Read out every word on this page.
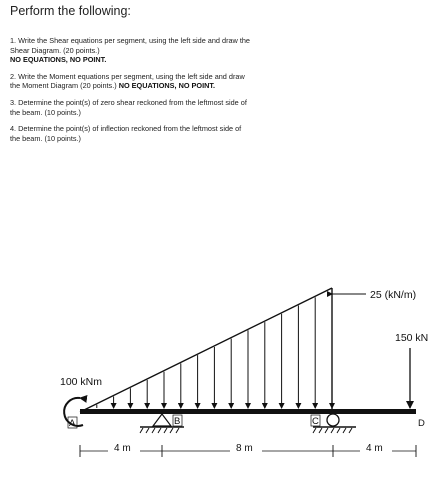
Perform the following:

1. Write the Shear equations per segment, using the left side and draw the Shear Diagram. (20 points.)
NO EQUATIONS, NO POINT.

2. Write the Moment equations per segment, using the left side and draw the Moment Diagram (20 points.) NO EQUATIONS, NO POINT.

3. Determine the point(s) of zero shear reckoned from the leftmost side of the beam. (10 points.)

4. Determine the point(s) of inflection reckoned from the leftmost side of the beam. (10 points.)

A	B	C	D
25 (kN/m)
150 kN
100 kNm
4 m	8 m	4 m
